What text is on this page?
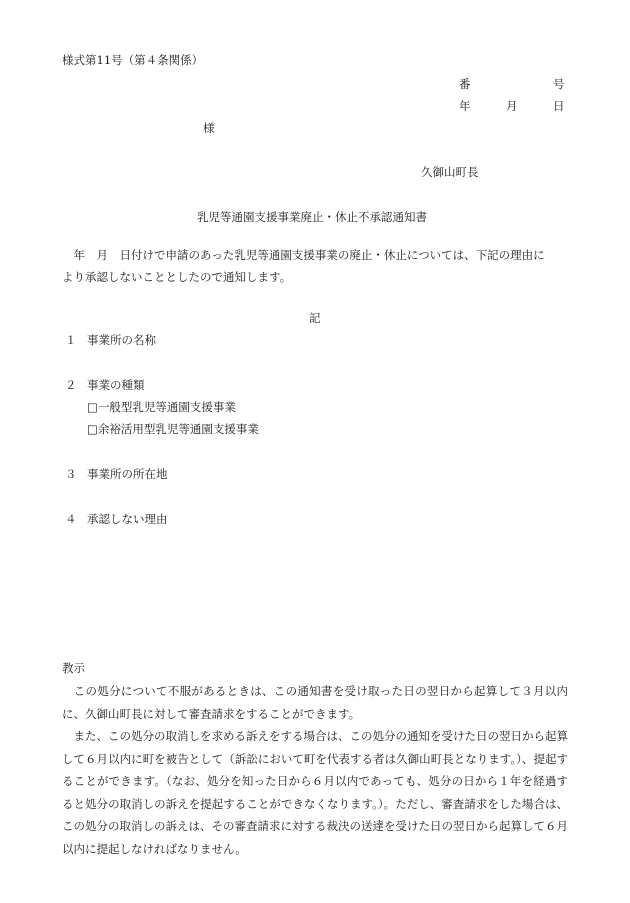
様式第11号（第４条関係）
番	号
年	月	日
様
久御山町長
乳児等通園支援事業廃止・休止不承認通知書
　年　月　日付けで申請のあった乳児等通園支援事業の廃止・休止については、下記の理由に
より承認しないこととしたので通知します。
記
１ 事業所の名称
２ 事業の種類
□一般型乳児等通園支援事業
□余裕活用型乳児等通園支援事業
３ 事業所の所在地
４ 承認しない理由
教示
　この処分について不服があるときは、この通知書を受け取った日の翌日から起算して３月以内に、久御山町長に対して審査請求をすることができます。
　また、この処分の取消しを求める訴えをする場合は、この処分の通知を受けた日の翌日から起算して６月以内に町を被告として（訴訟において町を代表する者は久御山町長となります。）、提起することができます。（なお、処分を知った日から６月以内であっても、処分の日から１年を経過すると処分の取消しの訴えを提起することができなくなります。）。ただし、審査請求をした場合は、この処分の取消しの訴えは、その審査請求に対する裁決の送達を受けた日の翌日から起算して６月以内に提起しなければなりません。
